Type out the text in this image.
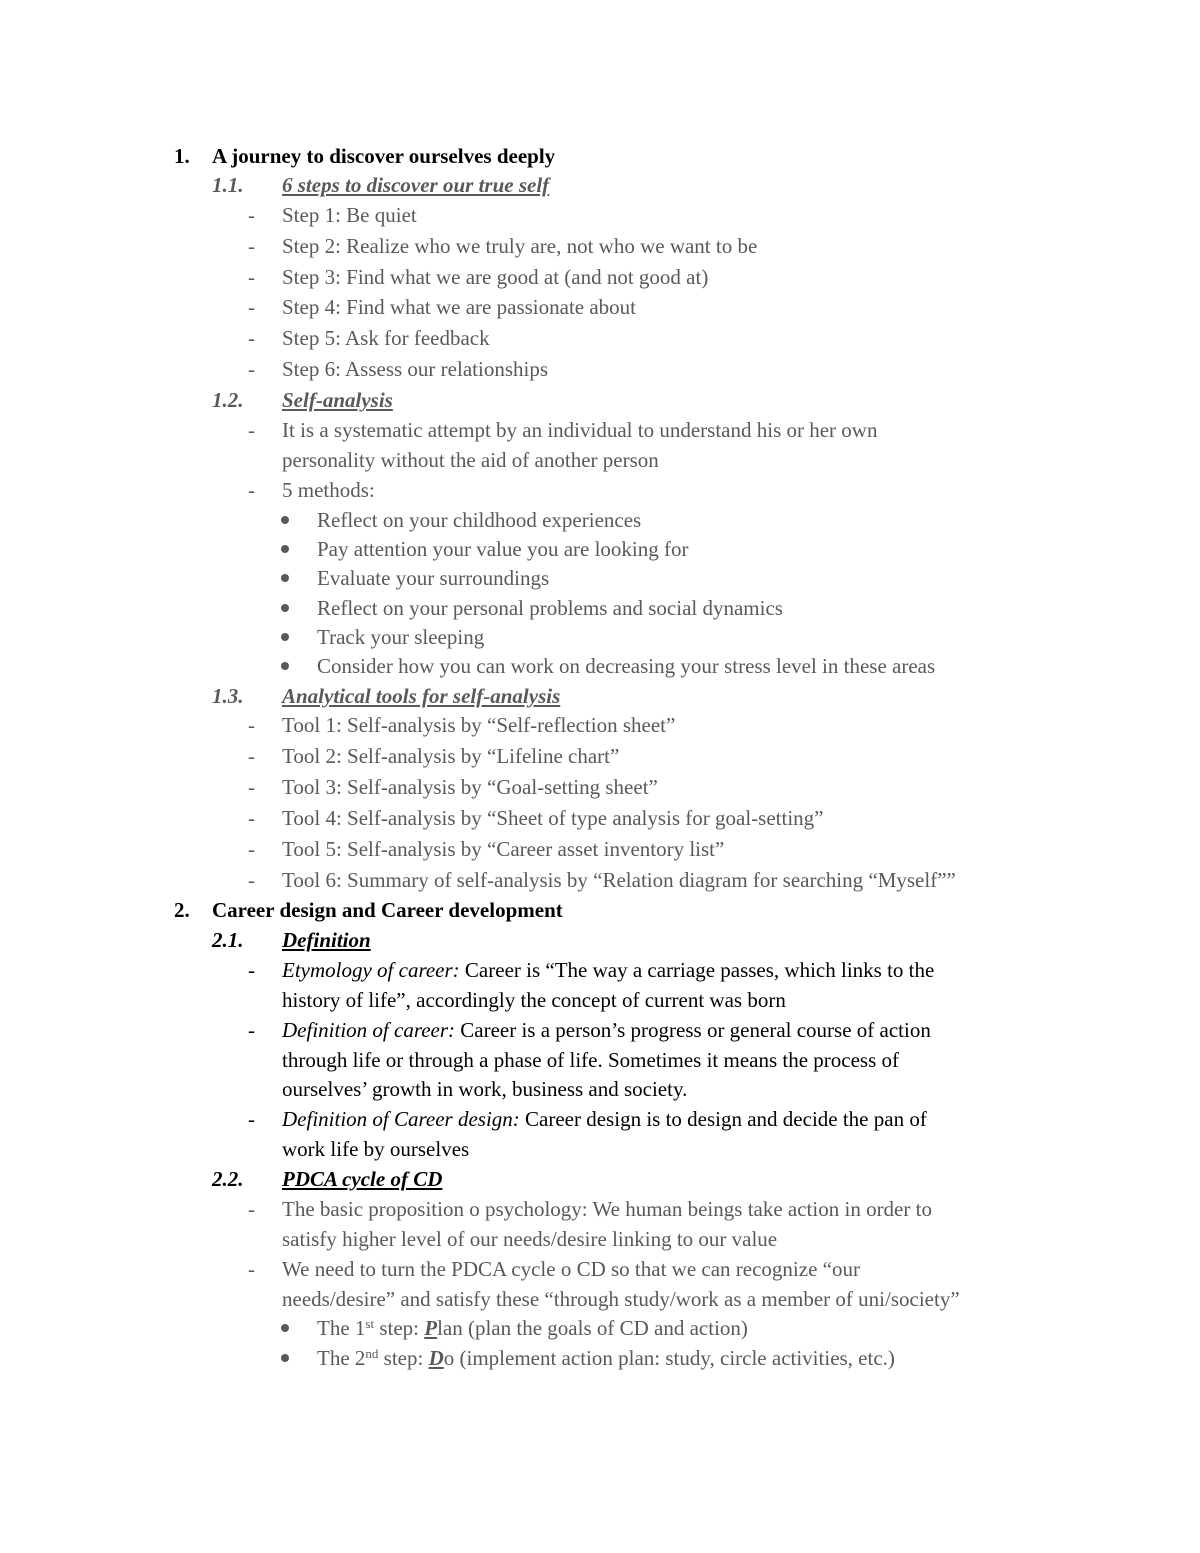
1. A journey to discover ourselves deeply
1.1. 6 steps to discover our true self
- Step 1: Be quiet
- Step 2: Realize who we truly are, not who we want to be
- Step 3: Find what we are good at (and not good at)
- Step 4: Find what we are passionate about
- Step 5: Ask for feedback
- Step 6: Assess our relationships
1.2. Self-analysis
- It is a systematic attempt by an individual to understand his or her own
personality without the aid of another person
- 5 methods:
Reflect on your childhood experiences
Pay attention your value you are looking for
Evaluate your surroundings
Reflect on your personal problems and social dynamics
Track your sleeping
Consider how you can work on decreasing your stress level in these areas
1.3. Analytical tools for self-analysis
- Tool 1: Self-analysis by “Self-reflection sheet”
- Tool 2: Self-analysis by “Lifeline chart”
- Tool 3: Self-analysis by “Goal-setting sheet”
- Tool 4: Self-analysis by “Sheet of type analysis for goal-setting”
- Tool 5: Self-analysis by “Career asset inventory list”
- Tool 6: Summary of self-analysis by “Relation diagram for searching “Myself””
2. Career design and Career development
2.1. Definition
- Etymology of career: Career is “The way a carriage passes, which links to the
history of life”, accordingly the concept of current was born
- Definition of career: Career is a person’s progress or general course of action
through life or through a phase of life. Sometimes it means the process of
ourselves’ growth in work, business and society.
- Definition of Career design: Career design is to design and decide the pan of
work life by ourselves
2.2. PDCA cycle of CD
- The basic proposition o psychology: We human beings take action in order to
satisfy higher level of our needs/desire linking to our value
- We need to turn the PDCA cycle o CD so that we can recognize “our
needs/desire” and satisfy these “through study/work as a member of uni/society”
The 1st step: Plan (plan the goals of CD and action)
The 2nd step: Do (implement action plan: study, circle activities, etc.)
